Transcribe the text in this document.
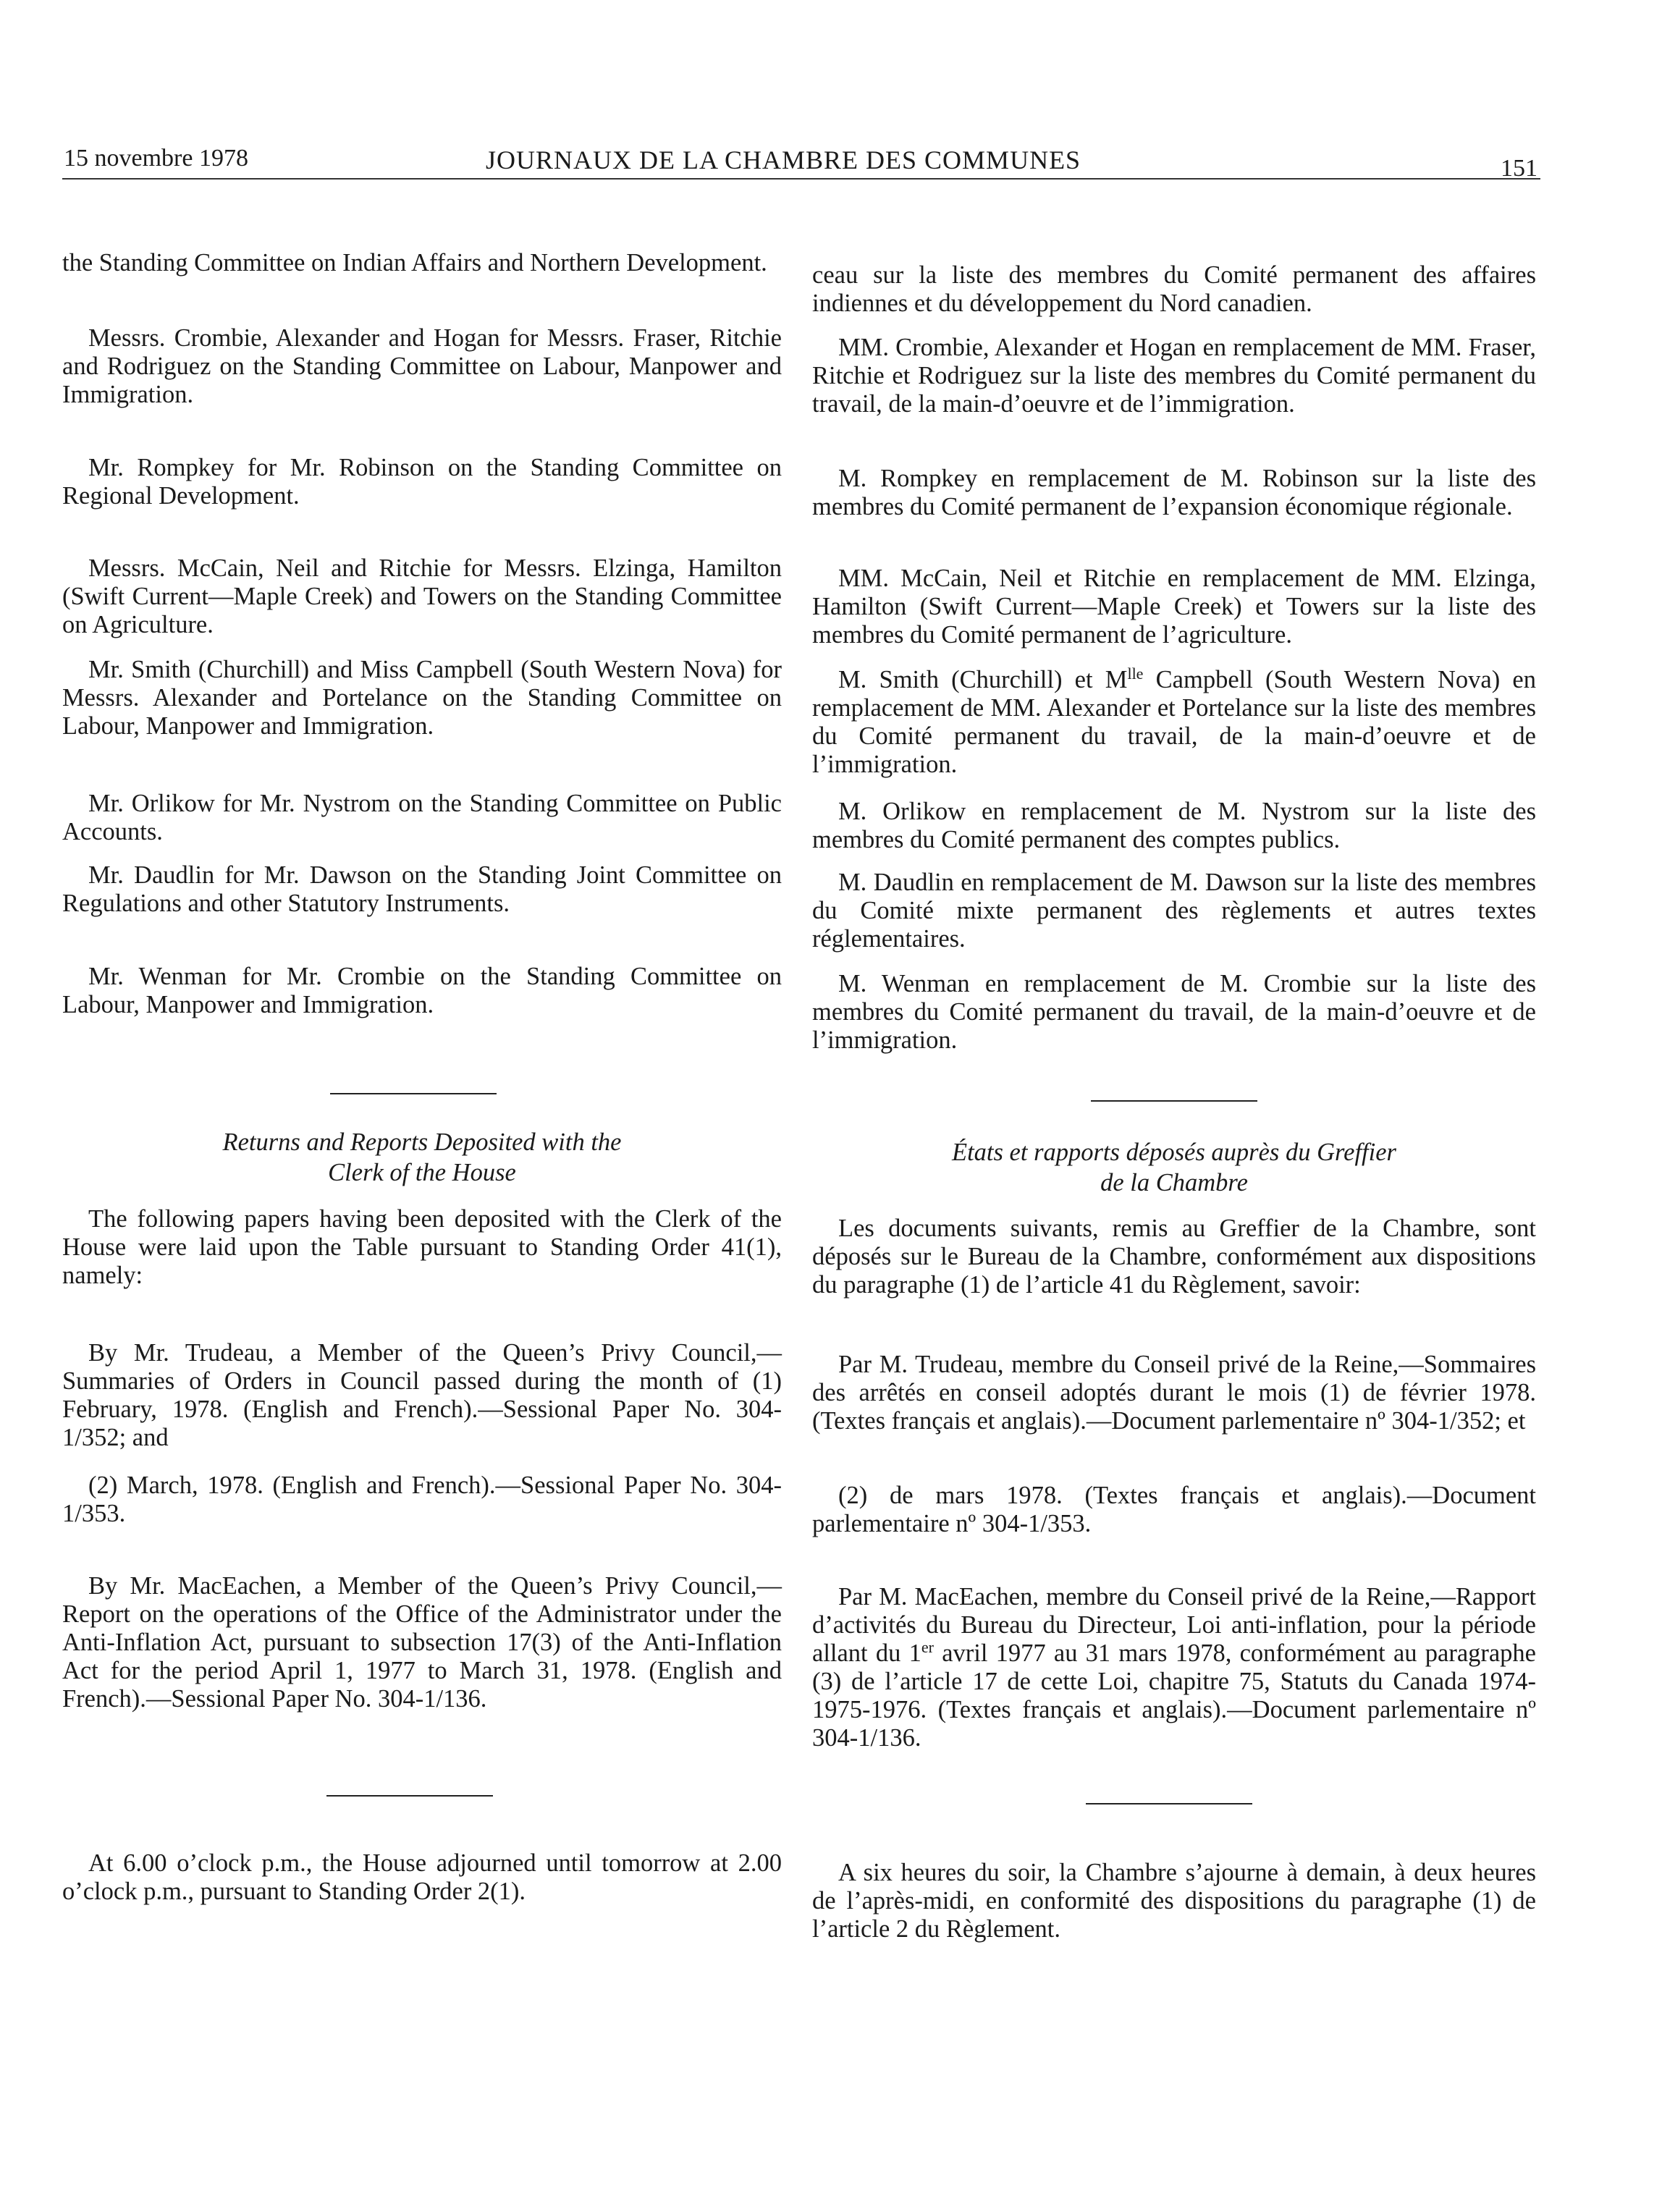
15 novembre 1978	JOURNAUX DE LA CHAMBRE DES COMMUNES	151

the Standing Committee on Indian Affairs and Northern Development.

Messrs. Crombie, Alexander and Hogan for Messrs. Fraser, Ritchie and Rodriguez on the Standing Committee on Labour, Manpower and Immigration.

Mr. Rompkey for Mr. Robinson on the Standing Committee on Regional Development.

Messrs. McCain, Neil and Ritchie for Messrs. Elzinga, Hamilton (Swift Current—Maple Creek) and Towers on the Standing Committee on Agriculture.

Mr. Smith (Churchill) and Miss Campbell (South Western Nova) for Messrs. Alexander and Portelance on the Standing Committee on Labour, Manpower and Immigration.

Mr. Orlikow for Mr. Nystrom on the Standing Committee on Public Accounts.

Mr. Daudlin for Mr. Dawson on the Standing Joint Committee on Regulations and other Statutory Instruments.

Mr. Wenman for Mr. Crombie on the Standing Committee on Labour, Manpower and Immigration.

Returns and Reports Deposited with the

Clerk of the House

The following papers having been deposited with the Clerk of the House were laid upon the Table pursuant to Standing Order 41(1), namely:

By Mr. Trudeau, a Member of the Queen’s Privy Council,—Summaries of Orders in Council passed during the month of (1) February, 1978. (English and French).—Sessional Paper No. 304-1/352; and

(2) March, 1978. (English and French).—Sessional Paper No. 304-1/353.

By Mr. MacEachen, a Member of the Queen’s Privy Council,—Report on the operations of the Office of the Administrator under the Anti-Inflation Act, pursuant to subsection 17(3) of the Anti-Inflation Act for the period April 1, 1977 to March 31, 1978. (English and French).—Sessional Paper No. 304-1/136.

At 6.00 o’clock p.m., the House adjourned until tomorrow at 2.00 o’clock p.m., pursuant to Standing Order 2(1).

ceau sur la liste des membres du Comité permanent des affaires indiennes et du développement du Nord canadien.

MM. Crombie, Alexander et Hogan en remplacement de MM. Fraser, Ritchie et Rodriguez sur la liste des membres du Comité permanent du travail, de la main-d’oeuvre et de l’immigration.

M. Rompkey en remplacement de M. Robinson sur la liste des membres du Comité permanent de l’expansion économique régionale.

MM. McCain, Neil et Ritchie en remplacement de MM. Elzinga, Hamilton (Swift Current—Maple Creek) et Towers sur la liste des membres du Comité permanent de l’agriculture.

M. Smith (Churchill) et $M^{lle}$ Campbell (South Western Nova) en remplacement de MM. Alexander et Portelance sur la liste des membres du Comité permanent du travail, de la main-d’oeuvre et de l’immigration.

M. Orlikow en remplacement de M. Nystrom sur la liste des membres du Comité permanent des comptes publics.

M. Daudlin en remplacement de M. Dawson sur la liste des membres du Comité mixte permanent des règlements et autres textes réglementaires.

M. Wenman en remplacement de M. Crombie sur la liste des membres du Comité permanent du travail, de la main-d’oeuvre et de l’immigration.

États et rapports déposés auprès du Greffier

de la Chambre

Les documents suivants, remis au Greffier de la Chambre, sont déposés sur le Bureau de la Chambre, conformément aux dispositions du paragraphe (1) de l’article 41 du Règlement, savoir:

Par M. Trudeau, membre du Conseil privé de la Reine,—Sommaires des arrêtés en conseil adoptés durant le mois (1) de février 1978. (Textes français et anglais).—Document parlementaire nº 304-1/352; et

(2) de mars 1978. (Textes français et anglais).—Document parlementaire nº 304-1/353.

Par M. MacEachen, membre du Conseil privé de la Reine,—Rapport d’activités du Bureau du Directeur, Loi anti-inflation, pour la période allant du 1er avril 1977 au 31 mars 1978, conformément au paragraphe (3) de l’article 17 de cette Loi, chapitre 75, Statuts du Canada 1974-1975-1976. (Textes français et anglais).—Document parlementaire nº 304-1/136.

A six heures du soir, la Chambre s’ajourne à demain, à deux heures de l’après-midi, en conformité des dispositions du paragraphe (1) de l’article 2 du Règlement.
